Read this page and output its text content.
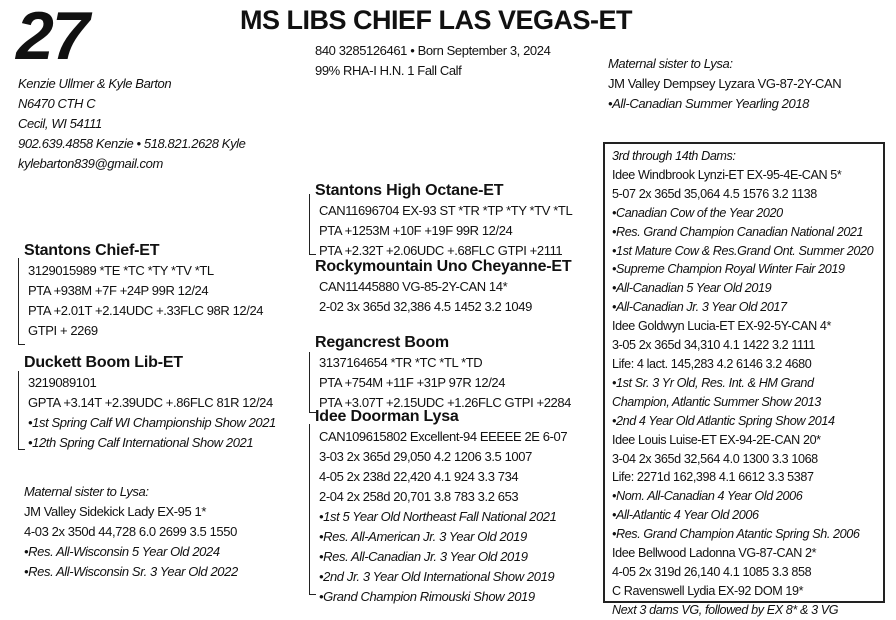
27	MS LIBS CHIEF LAS VEGAS-ET
840 3285126461 • Born September 3, 2024
99% RHA-I H.N. 1 Fall Calf
Kenzie Ullmer & Kyle Barton
N6470 CTH C
Cecil, WI 54111
902.639.4858 Kenzie • 518.821.2628 Kyle
kylebarton839@gmail.com
Maternal sister to Lysa:
JM Valley Dempsey Lyzara VG-87-2Y-CAN
•All-Canadian Summer Yearling 2018
Stantons High Octane-ET
CAN11696704 EX-93 ST *TR *TP *TY *TV *TL
PTA +1253M +10F +19F 99R 12/24
PTA +2.32T +2.06UDC +.68FLC GTPI +2111
Rockymountain Uno Cheyanne-ET
CAN11445880 VG-85-2Y-CAN 14*
2-02 3x 365d 32,386 4.5 1452 3.2 1049
Stantons Chief-ET
3129015989 *TE *TC *TY *TV *TL
PTA +938M +7F +24P 99R 12/24
PTA +2.01T +2.14UDC +.33FLC 98R 12/24
GTPI + 2269
Regancrest Boom
3137164654 *TR *TC *TL *TD
PTA +754M +11F +31P 97R 12/24
PTA +3.07T +2.15UDC +1.26FLC GTPI +2284
Duckett Boom Lib-ET
3219089101
GPTA +3.14T +2.39UDC +.86FLC 81R 12/24
•1st Spring Calf WI Championship Show 2021
•12th Spring Calf International Show 2021
Idee Doorman Lysa
CAN109615802 Excellent-94 EEEEE 2E 6-07
3-03 2x 365d 29,050 4.2 1206 3.5 1007
4-05 2x 238d 22,420 4.1 924 3.3 734
2-04 2x 258d 20,701 3.8 783 3.2 653
•1st 5 Year Old Northeast Fall National 2021
•Res. All-American Jr. 3 Year Old 2019
•Res. All-Canadian Jr. 3 Year Old 2019
•2nd Jr. 3 Year Old International Show 2019
•Grand Champion Rimouski Show 2019
Maternal sister to Lysa:
JM Valley Sidekick Lady EX-95 1*
4-03 2x 350d 44,728 6.0 2699 3.5 1550
•Res. All-Wisconsin 5 Year Old 2024
•Res. All-Wisconsin Sr. 3 Year Old 2022
3rd through 14th Dams:
Idee Windbrook Lynzi-ET EX-95-4E-CAN 5*
5-07 2x 365d 35,064 4.5 1576 3.2 1138
•Canadian Cow of the Year 2020
•Res. Grand Champion Canadian National 2021
•1st Mature Cow & Res.Grand Ont. Summer 2020
•Supreme Champion Royal Winter Fair 2019
•All-Canadian 5 Year Old 2019
•All-Canadian Jr. 3 Year Old 2017
Idee Goldwyn Lucia-ET EX-92-5Y-CAN 4*
3-05 2x 365d 34,310 4.1 1422 3.2 1111
Life: 4 lact. 145,283 4.2 6146 3.2 4680
•1st Sr. 3 Yr Old, Res. Int. & HM Grand
Champion, Atlantic Summer Show 2013
•2nd 4 Year Old Atlantic Spring Show 2014
Idee Louis Luise-ET EX-94-2E-CAN 20*
3-04 2x 365d 32,564 4.0 1300 3.3 1068
Life: 2271d 162,398 4.1 6612 3.3 5387
•Nom. All-Canadian 4 Year Old 2006
•All-Atlantic 4 Year Old 2006
•Res. Grand Champion Atantic Spring Sh. 2006
Idee Bellwood Ladonna VG-87-CAN 2*
4-05 2x 319d 26,140 4.1 1085 3.3 858
C Ravenswell Lydia EX-92 DOM 19*
Next 3 dams VG, followed by EX 8* & 3 VG
